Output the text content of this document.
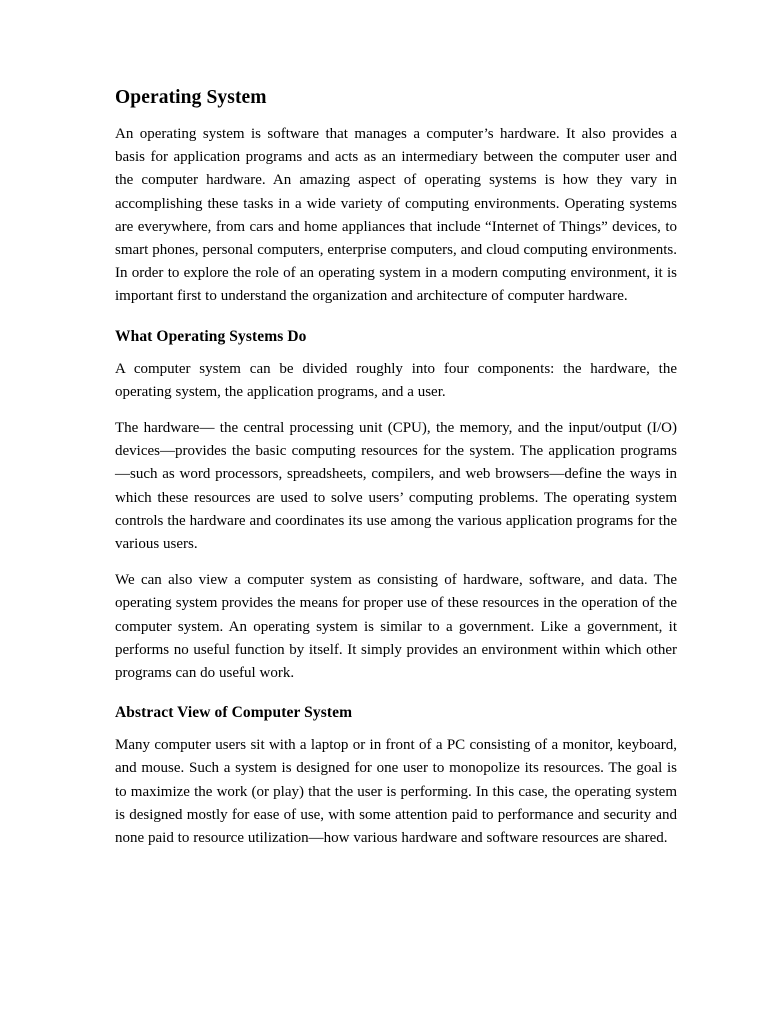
Operating System

An operating system is software that manages a computer’s hardware. It also provides a basis for application programs and acts as an intermediary between the computer user and the computer hardware. An amazing aspect of operating systems is how they vary in accomplishing these tasks in a wide variety of computing environments. Operating systems are everywhere, from cars and home appliances that include “Internet of Things” devices, to smart phones, personal computers, enterprise computers, and cloud computing environments. In order to explore the role of an operating system in a modern computing environment, it is important first to understand the organization and architecture of computer hardware.

What Operating Systems Do

A computer system can be divided roughly into four components: the hardware, the operating system, the application programs, and a user.

The hardware— the central processing unit (CPU), the memory, and the input/output (I/O) devices—provides the basic computing resources for the system. The application programs—such as word processors, spreadsheets, compilers, and web browsers—define the ways in which these resources are used to solve users’ computing problems. The operating system controls the hardware and coordinates its use among the various application programs for the various users.

We can also view a computer system as consisting of hardware, software, and data. The operating system provides the means for proper use of these resources in the operation of the computer system. An operating system is similar to a government. Like a government, it performs no useful function by itself. It simply provides an environment within which other programs can do useful work.

Abstract View of Computer System

Many computer users sit with a laptop or in front of a PC consisting of a monitor, keyboard, and mouse. Such a system is designed for one user to monopolize its resources. The goal is to maximize the work (or play) that the user is performing. In this case, the operating system is designed mostly for ease of use, with some attention paid to performance and security and none paid to resource utilization—how various hardware and software resources are shared.
